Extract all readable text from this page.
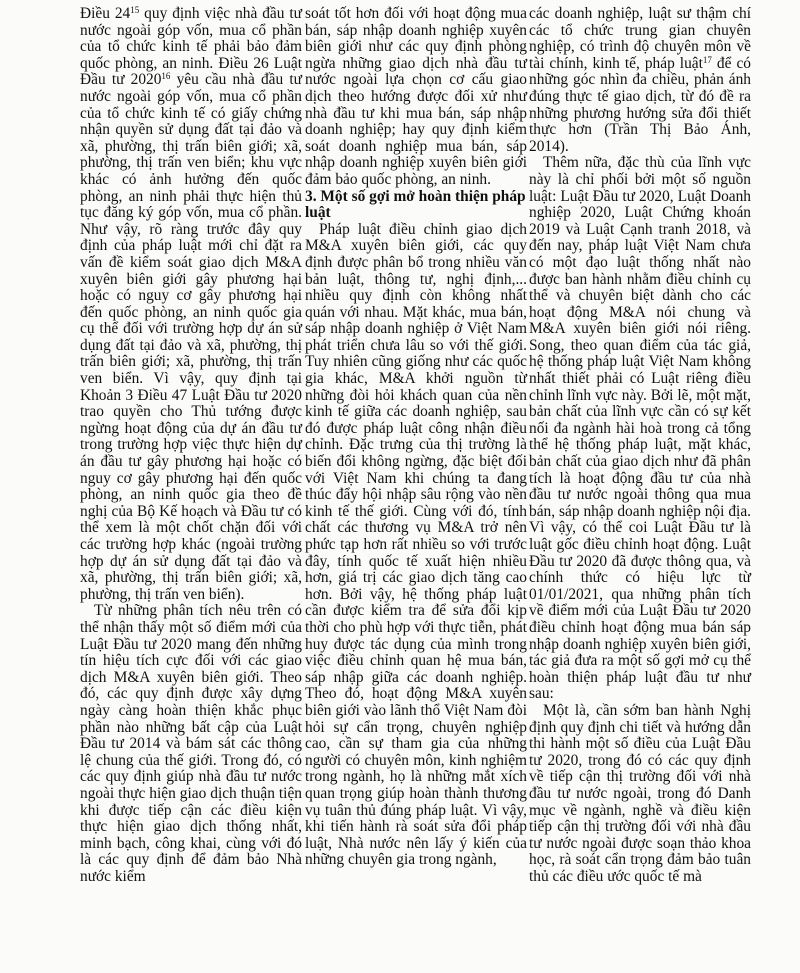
Điều $24^{15}$ quy định việc nhà đầu tư nước ngoài góp vốn, mua cổ phần của tổ chức kinh tế phải bảo đảm quốc phòng, an ninh. Điều 26 Luật Đầu tư 2020$^{16}$ yêu cầu nhà đầu tư nước ngoài góp vốn, mua cổ phần của tổ chức kinh tế có giấy chứng nhận quyền sử dụng đất tại đảo và xã, phường, thị trấn biên giới; xã, phường, thị trấn ven biển; khu vực khác có ảnh hưởng đến quốc phòng, an ninh phải thực hiện thủ tục đăng ký góp vốn, mua cổ phần. Như vậy, rõ ràng trước đây quy định của pháp luật mới chỉ đặt ra vấn đề kiểm soát giao dịch M&A xuyên biên giới gây phương hại hoặc có nguy cơ gây phương hại đến quốc phòng, an ninh quốc gia cụ thể đối với trường hợp dự án sử dụng đất tại đảo và xã, phường, thị trấn biên giới; xã, phường, thị trấn ven biển. Vì vậy, quy định tại Khoản 3 Điều 47 Luật Đầu tư 2020 trao quyền cho Thủ tướng được ngừng hoạt động của dự án đầu tư trong trường hợp việc thực hiện dự án đầu tư gây phương hại hoặc có nguy cơ gây phương hại đến quốc phòng, an ninh quốc gia theo đề nghị của Bộ Kế hoạch và Đầu tư có thể xem là một chốt chặn đối với các trường hợp khác (ngoài trường hợp dự án sử dụng đất tại đảo và xã, phường, thị trấn biên giới; xã, phường, thị trấn ven biển).

Từ những phân tích nêu trên có thể nhận thấy một số điểm mới của Luật Đầu tư 2020 mang đến những tín hiệu tích cực đối với các giao dịch M&A xuyên biên giới. Theo đó, các quy định được xây dựng ngày càng hoàn thiện khắc phục phần nào những bất cập của Luật Đầu tư 2014 và bám sát các thông lệ chung của thế giới. Trong đó, có các quy định giúp nhà đầu tư nước ngoài thực hiện giao dịch thuận tiện khi được tiếp cận các điều kiện thực hiện giao dịch thống nhất, minh bạch, công khai, cùng với đó là các quy định để đảm bảo Nhà nước kiểm

soát tốt hơn đối với hoạt động mua bán, sáp nhập doanh nghiệp xuyên biên giới như các quy định phòng ngừa những giao dịch nhà đầu tư nước ngoài lựa chọn cơ cấu giao dịch theo hướng được đối xử như nhà đầu tư khi mua bán, sáp nhập doanh nghiệp; hay quy định kiểm soát doanh nghiệp mua bán, sáp nhập doanh nghiệp xuyên biên giới đảm bảo quốc phòng, an ninh.

3. Một số gợi mở hoàn thiện pháp luật

Pháp luật điều chỉnh giao dịch M&A xuyên biên giới, các quy định được phân bổ trong nhiều văn bản luật, thông tư, nghị định,... nhiều quy định còn không nhất quán với nhau. Mặt khác, mua bán, sáp nhập doanh nghiệp ở Việt Nam phát triển chưa lâu so với thế giới. Tuy nhiên cũng giống như các quốc gia khác, M&A khởi nguồn từ những đòi hỏi khách quan của nền kinh tế giữa các doanh nghiệp, sau đó được pháp luật công nhận điều chỉnh. Đặc trưng của thị trường là biến đổi không ngừng, đặc biệt đối với Việt Nam khi chúng ta đang thúc đẩy hội nhập sâu rộng vào nền kinh tế thế giới. Cùng với đó, tính chất các thương vụ M&A trở nên phức tạp hơn rất nhiều so với trước đây, tính quốc tế xuất hiện nhiều hơn, giá trị các giao dịch tăng cao hơn. Bởi vậy, hệ thống pháp luật cần được kiểm tra để sửa đổi kịp thời cho phù hợp với thực tiễn, phát huy được tác dụng của mình trong việc điều chỉnh quan hệ mua bán, sáp nhập giữa các doanh nghiệp. Theo đó, hoạt động M&A xuyên biên giới vào lãnh thổ Việt Nam đòi hỏi sự cẩn trọng, chuyên nghiệp cao, cần sự tham gia của những người có chuyên môn, kinh nghiệm trong ngành, họ là những mắt xích quan trọng giúp hoàn thành thương vụ tuân thủ đúng pháp luật. Vì vậy, khi tiến hành rà soát sửa đổi pháp luật, Nhà nước nên lấy ý kiến của những chuyên gia trong ngành,

các doanh nghiệp, luật sư thậm chí các tổ chức trung gian chuyên nghiệp, có trình độ chuyên môn về tài chính, kinh tế, pháp luật$^{17}$ để có những góc nhìn đa chiều, phản ánh đúng thực tế giao dịch, từ đó đề ra những phương hướng sửa đổi thiết thực hơn (Trần Thị Bảo Ánh, 2014).

Thêm nữa, đặc thù của lĩnh vực này là chỉ phối bởi một số nguồn luật: Luật Đầu tư 2020, Luật Doanh nghiệp 2020, Luật Chứng khoán 2019 và Luật Cạnh tranh 2018, và đến nay, pháp luật Việt Nam chưa có một đạo luật thống nhất nào được ban hành nhằm điều chỉnh cụ thể và chuyên biệt dành cho các hoạt động M&A nói chung và M&A xuyên biên giới nói riêng. Song, theo quan điểm của tác giả, hệ thống pháp luật Việt Nam không nhất thiết phải có Luật riêng điều chỉnh lĩnh vực này. Bởi lẽ, một mặt, bản chất của lĩnh vực cần có sự kết nối đa ngành hài hoà trong cả tổng thể hệ thống pháp luật, mặt khác, bản chất của giao dịch như đã phân tích là hoạt động đầu tư của nhà đầu tư nước ngoài thông qua mua bán, sáp nhập doanh nghiệp nội địa. Vì vậy, có thể coi Luật Đầu tư là luật gốc điều chỉnh hoạt động. Luật Đầu tư 2020 đã được thông qua, và chính thức có hiệu lực từ 01/01/2021, qua những phân tích về điểm mới của Luật Đầu tư 2020 điều chỉnh hoạt động mua bán sáp nhập doanh nghiệp xuyên biên giới, tác giả đưa ra một số gợi mở cụ thể hoàn thiện pháp luật đầu tư như sau:

Một là, cần sớm ban hành Nghị định quy định chi tiết và hướng dẫn thi hành một số điều của Luật Đầu tư 2020, trong đó có các quy định về tiếp cận thị trường đối với nhà đầu tư nước ngoài, trong đó Danh mục về ngành, nghề và điều kiện tiếp cận thị trường đối với nhà đầu tư nước ngoài được soạn thảo khoa học, rà soát cẩn trọng đảm bảo tuân thủ các điều ước quốc tế mà
